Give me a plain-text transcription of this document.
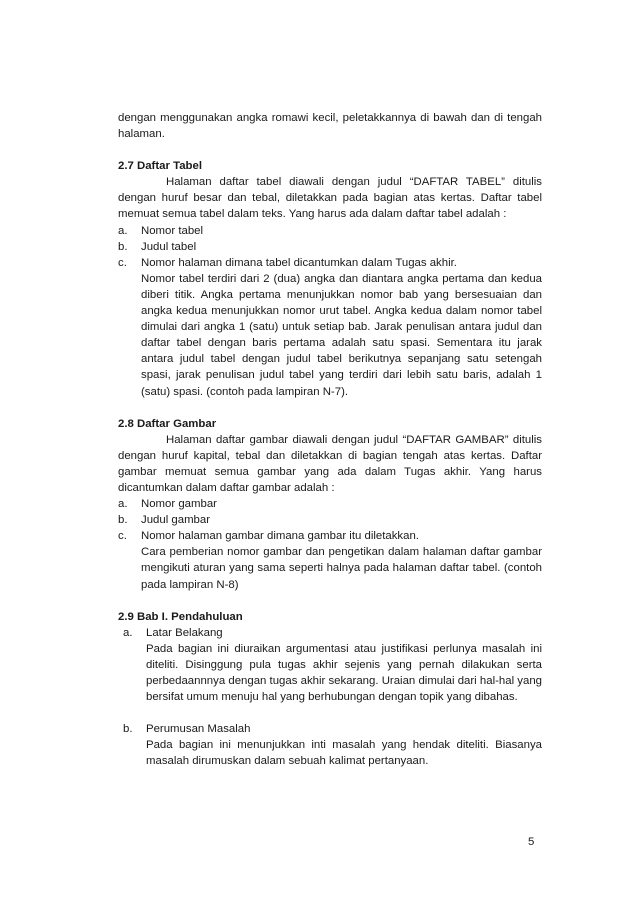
dengan menggunakan angka romawi kecil, peletakkannya di bawah dan di tengah halaman.

2.7 Daftar Tabel

Halaman daftar tabel diawali dengan judul “DAFTAR TABEL” ditulis dengan huruf besar dan tebal, diletakkan pada bagian atas kertas. Daftar tabel memuat semua tabel dalam teks. Yang harus ada dalam daftar tabel adalah :

a.	Nomor tabel
b.	Judul tabel
c.	Nomor halaman dimana tabel dicantumkan dalam Tugas akhir.

Nomor tabel terdiri dari 2 (dua) angka dan diantara angka pertama dan kedua diberi titik. Angka pertama menunjukkan nomor bab yang bersesuaian dan angka kedua menunjukkan nomor urut tabel. Angka kedua dalam nomor tabel dimulai dari angka 1 (satu) untuk setiap bab. Jarak penulisan antara judul dan daftar tabel dengan baris pertama adalah satu spasi. Sementara itu jarak antara judul tabel dengan judul tabel berikutnya sepanjang satu setengah spasi, jarak penulisan judul tabel yang terdiri dari lebih satu baris, adalah 1 (satu) spasi. (contoh pada lampiran N-7).

2.8 Daftar Gambar

Halaman daftar gambar diawali dengan judul “DAFTAR GAMBAR” ditulis dengan huruf kapital, tebal dan diletakkan di bagian tengah atas kertas. Daftar gambar memuat semua gambar yang ada dalam Tugas akhir. Yang harus dicantumkan dalam daftar gambar adalah :

a.	Nomor gambar
b.	Judul gambar
c.	Nomor halaman gambar dimana gambar itu diletakkan.

Cara pemberian nomor gambar dan pengetikan dalam halaman daftar gambar mengikuti aturan yang sama seperti halnya pada halaman daftar tabel. (contoh pada lampiran N-8)

2.9 Bab I. Pendahuluan

a.	Latar Belakang

Pada bagian ini diuraikan argumentasi atau justifikasi perlunya masalah ini diteliti. Disinggung pula tugas akhir sejenis yang pernah dilakukan serta perbedaannnya dengan tugas akhir sekarang. Uraian dimulai dari hal-hal yang bersifat umum menuju hal yang berhubungan dengan topik yang dibahas.

b.	Perumusan Masalah

Pada bagian ini menunjukkan inti masalah yang hendak diteliti. Biasanya masalah dirumuskan dalam sebuah kalimat pertanyaan.

5
